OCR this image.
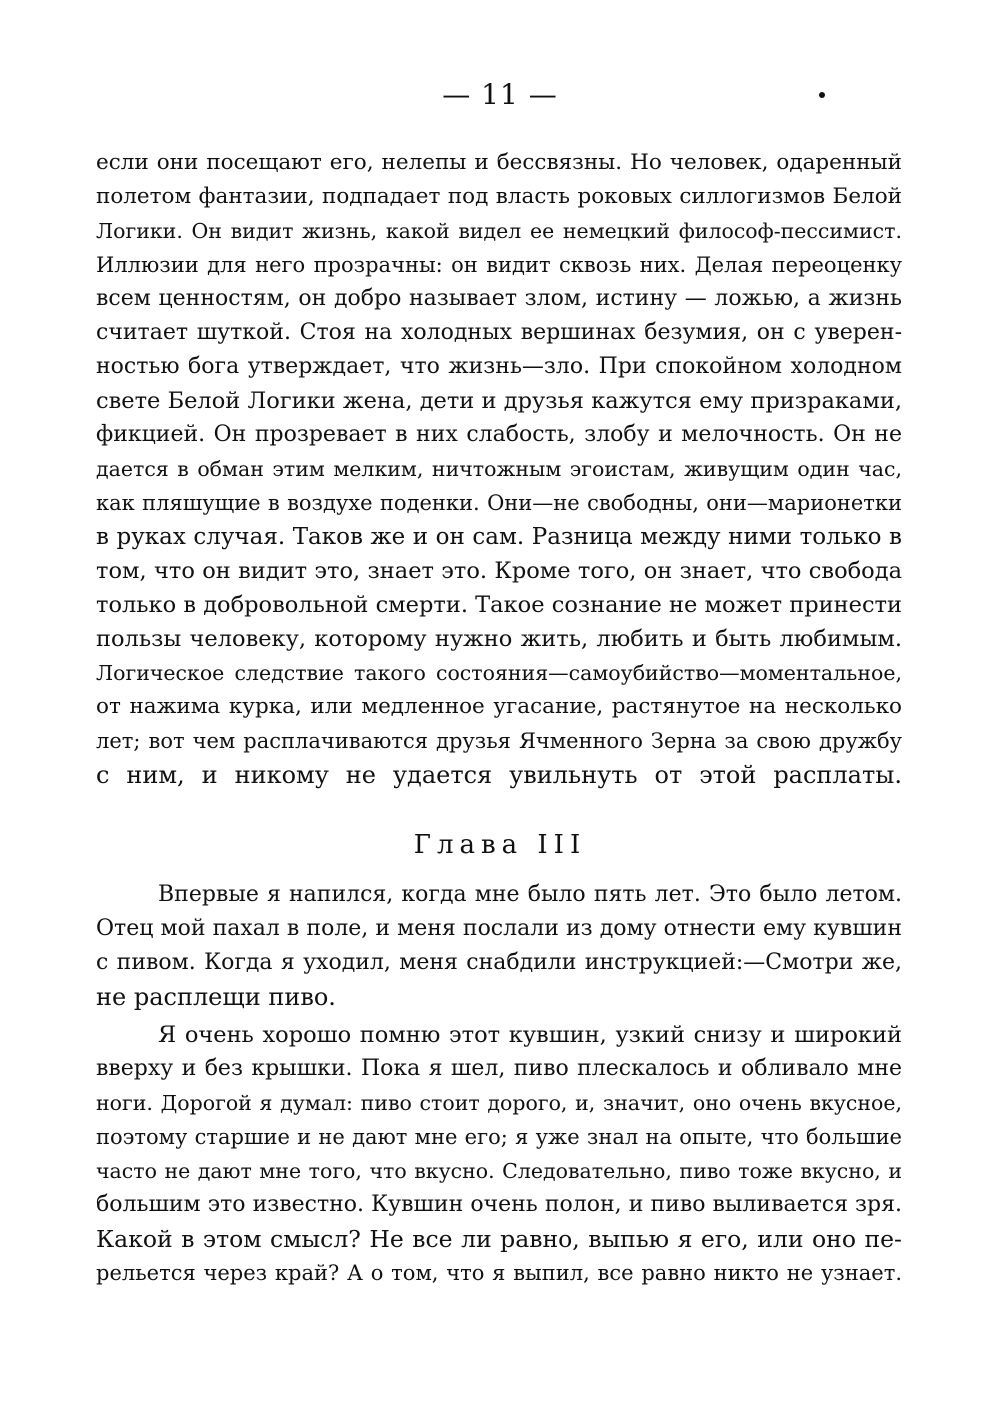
— 11 —
если они посещают его, нелепы и бессвязны. Но человек, одаренный
полетом фантазии, подпадает под власть роковых силлогизмов Белой
Логики. Он видит жизнь, какой видел ее немецкий философ-пессимист.
Иллюзии для него прозрачны: он видит сквозь них. Делая переоценку
всем ценностям, он добро называет злом, истину — ложью, а жизнь
считает шуткой. Стоя на холодных вершинах безумия, он с уверен-
ностью бога утверждает, что жизнь—зло. При спокойном холодном
свете Белой Логики жена, дети и друзья кажутся ему призраками,
фикцией. Он прозревает в них слабость, злобу и мелочность. Он не
дается в обман этим мелким, ничтожным эгоистам, живущим один час,
как пляшущие в воздухе поденки. Они—не свободны, они—марионетки
в руках случая. Таков же и он сам. Разница между ними только в
том, что он видит это, знает это. Кроме того, он знает, что свобода
только в добровольной смерти. Такое сознание не может принести
пользы человеку, которому нужно жить, любить и быть любимым.
Логическое следствие такого состояния—самоубийство—моментальное,
от нажима курка, или медленное угасание, растянутое на несколько
лет; вот чем расплачиваются друзья Ячменного Зерна за свою дружбу
с ним, и никому не удается увильнуть от этой расплаты.
Глава III
Впервые я напился, когда мне было пять лет. Это было летом.
Отец мой пахал в поле, и меня послали из дому отнести ему кувшин
с пивом. Когда я уходил, меня снабдили инструкцией:—Смотри же,
не расплещи пиво.
Я очень хорошо помню этот кувшин, узкий снизу и широкий
вверху и без крышки. Пока я шел, пиво плескалось и обливало мне
ноги. Дорогой я думал: пиво стоит дорого, и, значит, оно очень вкусное,
поэтому старшие и не дают мне его; я уже знал на опыте, что большие
часто не дают мне того, что вкусно. Следовательно, пиво тоже вкусно, и
большим это известно. Кувшин очень полон, и пиво выливается зря.
Какой в этом смысл? Не все ли равно, выпью я его, или оно пе-
рельется через край? А о том, что я выпил, все равно никто не узнает.
